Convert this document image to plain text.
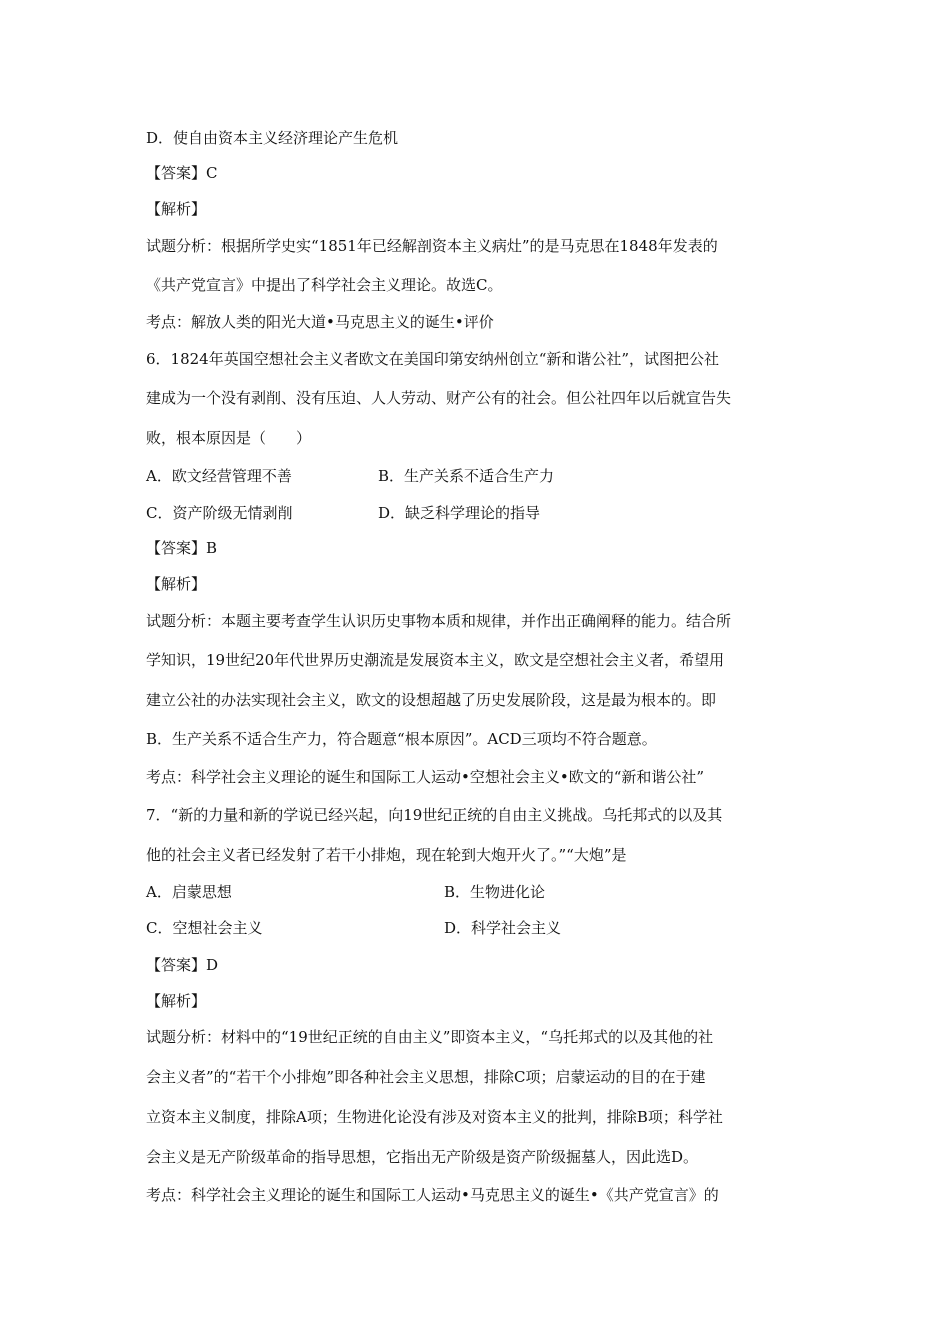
D．使自由资本主义经济理论产生危机
【答案】C
【解析】
试题分析：根据所学史实“1851年已经解剖资本主义病灶”的是马克思在1848年发表的
《共产党宣言》中提出了科学社会主义理论。故选C。
考点：解放人类的阳光大道•马克思主义的诞生•评价
6．1824年英国空想社会主义者欧文在美国印第安纳州创立“新和谐公社”，试图把公社
建成为一个没有剥削、没有压迫、人人劳动、财产公有的社会。但公社四年以后就宣告失
败，根本原因是（　　）
A．欧文经营管理不善	B．生产关系不适合生产力
C．资产阶级无情剥削	D．缺乏科学理论的指导
【答案】B
【解析】
试题分析：本题主要考查学生认识历史事物本质和规律，并作出正确阐释的能力。结合所
学知识，19世纪20年代世界历史潮流是发展资本主义，欧文是空想社会主义者，希望用
建立公社的办法实现社会主义，欧文的设想超越了历史发展阶段，这是最为根本的。即
B．生产关系不适合生产力，符合题意“根本原因”。ACD三项均不符合题意。
考点：科学社会主义理论的诞生和国际工人运动•空想社会主义•欧文的“新和谐公社”
7．“新的力量和新的学说已经兴起，向19世纪正统的自由主义挑战。乌托邦式的以及其
他的社会主义者已经发射了若干小排炮，现在轮到大炮开火了。”“大炮”是
A．启蒙思想	B．生物进化论
C．空想社会主义	D．科学社会主义
【答案】D
【解析】
试题分析：材料中的“19世纪正统的自由主义”即资本主义，“乌托邦式的以及其他的社
会主义者”的“若干个小排炮”即各种社会主义思想，排除C项；启蒙运动的目的在于建
立资本主义制度，排除A项；生物进化论没有涉及对资本主义的批判，排除B项；科学社
会主义是无产阶级革命的指导思想，它指出无产阶级是资产阶级掘墓人，因此选D。
考点：科学社会主义理论的诞生和国际工人运动•马克思主义的诞生•《共产党宣言》的
